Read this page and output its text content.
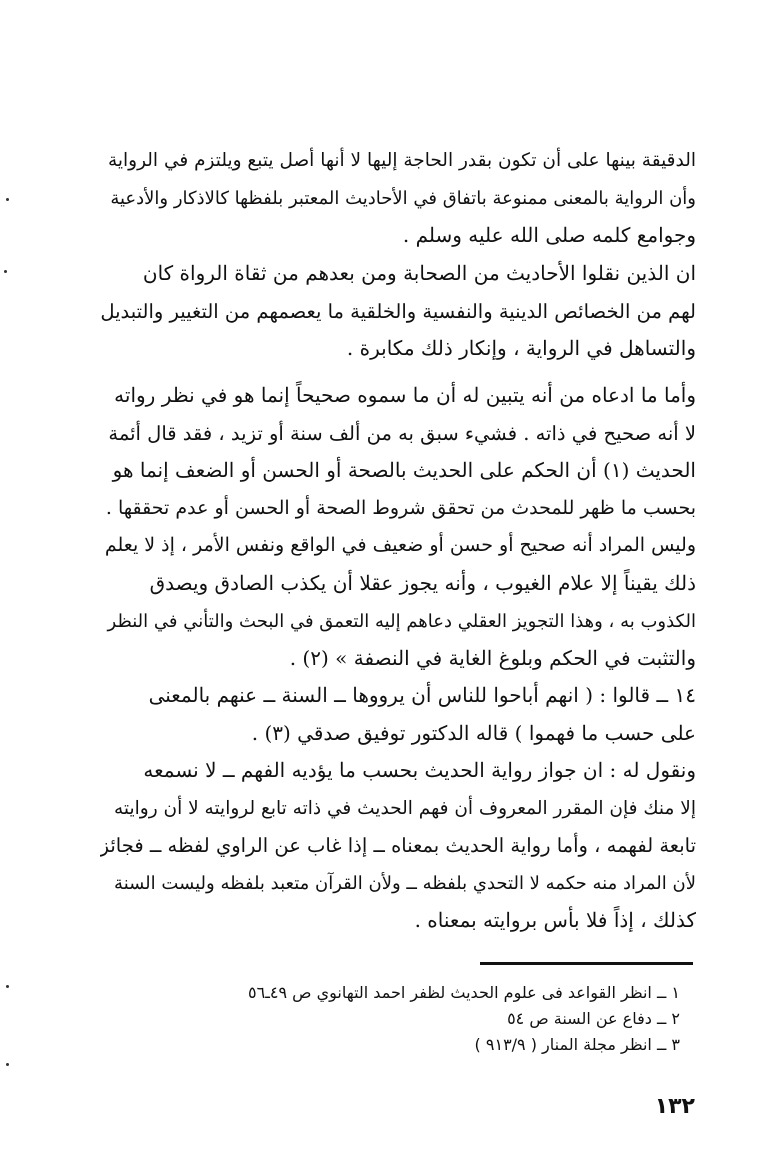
الدقيقة بينها على أن تكون بقدر الحاجة إليها لا أنها أصل يتبع ويلتزم في الرواية
وأن الرواية بالمعنى ممنوعة باتفاق في الأحاديث المعتبر بلفظها كالاذكار والأدعية
وجوامع كلمه صلى الله عليه وسلم .
ان الذين نقلوا الأحاديث من الصحابة ومن بعدهم من ثقاة الرواة كان
لهم من الخصائص الدينية والنفسية والخلقية ما يعصمهم من التغيير والتبديل
والتساهل في الرواية ، وإنكار ذلك مكابرة .
وأما ما ادعاه من أنه يتبين له أن ما سموه صحيحاً إنما هو في نظر رواته
لا أنه صحيح في ذاته . فشيء سبق به من ألف سنة أو تزيد ، فقد قال أئمة
الحديث (١) أن الحكم على الحديث بالصحة أو الحسن أو الضعف إنما هو
بحسب ما ظهر للمحدث من تحقق شروط الصحة أو الحسن أو عدم تحققها .
وليس المراد أنه صحيح أو حسن أو ضعيف في الواقع ونفس الأمر ، إذ لا يعلم
ذلك يقيناً إلا علام الغيوب ، وأنه يجوز عقلا أن يكذب الصادق ويصدق
الكذوب به ، وهذا التجويز العقلي دعاهم إليه التعمق في البحث والتأني في النظر
والتثبت في الحكم وبلوغ الغاية في النصفة » (٢) .
١٤ ــ قالوا : ( انهم أباحوا للناس أن يرووها ــ السنة ــ عنهم بالمعنى
على حسب ما فهموا ) قاله الدكتور توفيق صدقي (٣) .
ونقول له : ان جواز رواية الحديث بحسب ما يؤديه الفهم ــ لا نسمعه
إلا منك فإن المقرر المعروف أن فهم الحديث في ذاته تابع لروايته لا أن روايته
تابعة لفهمه ، وأما رواية الحديث بمعناه ــ إذا غاب عن الراوي لفظه ــ فجائز
لأن المراد منه حكمه لا التحدي بلفظه ــ ولأن القرآن متعبد بلفظه وليست السنة
كذلك ، إذاً فلا بأس بروايته بمعناه .
١ ــ انظر القواعد فى علوم الحديث لظفر احمد التهانوي ص ٤٩ـ٥٦
٢ ــ دفاع عن السنة ص ٥٤
٣ ــ انظر مجلة المنار ( ٩١٣/٩ )
١٣٢
